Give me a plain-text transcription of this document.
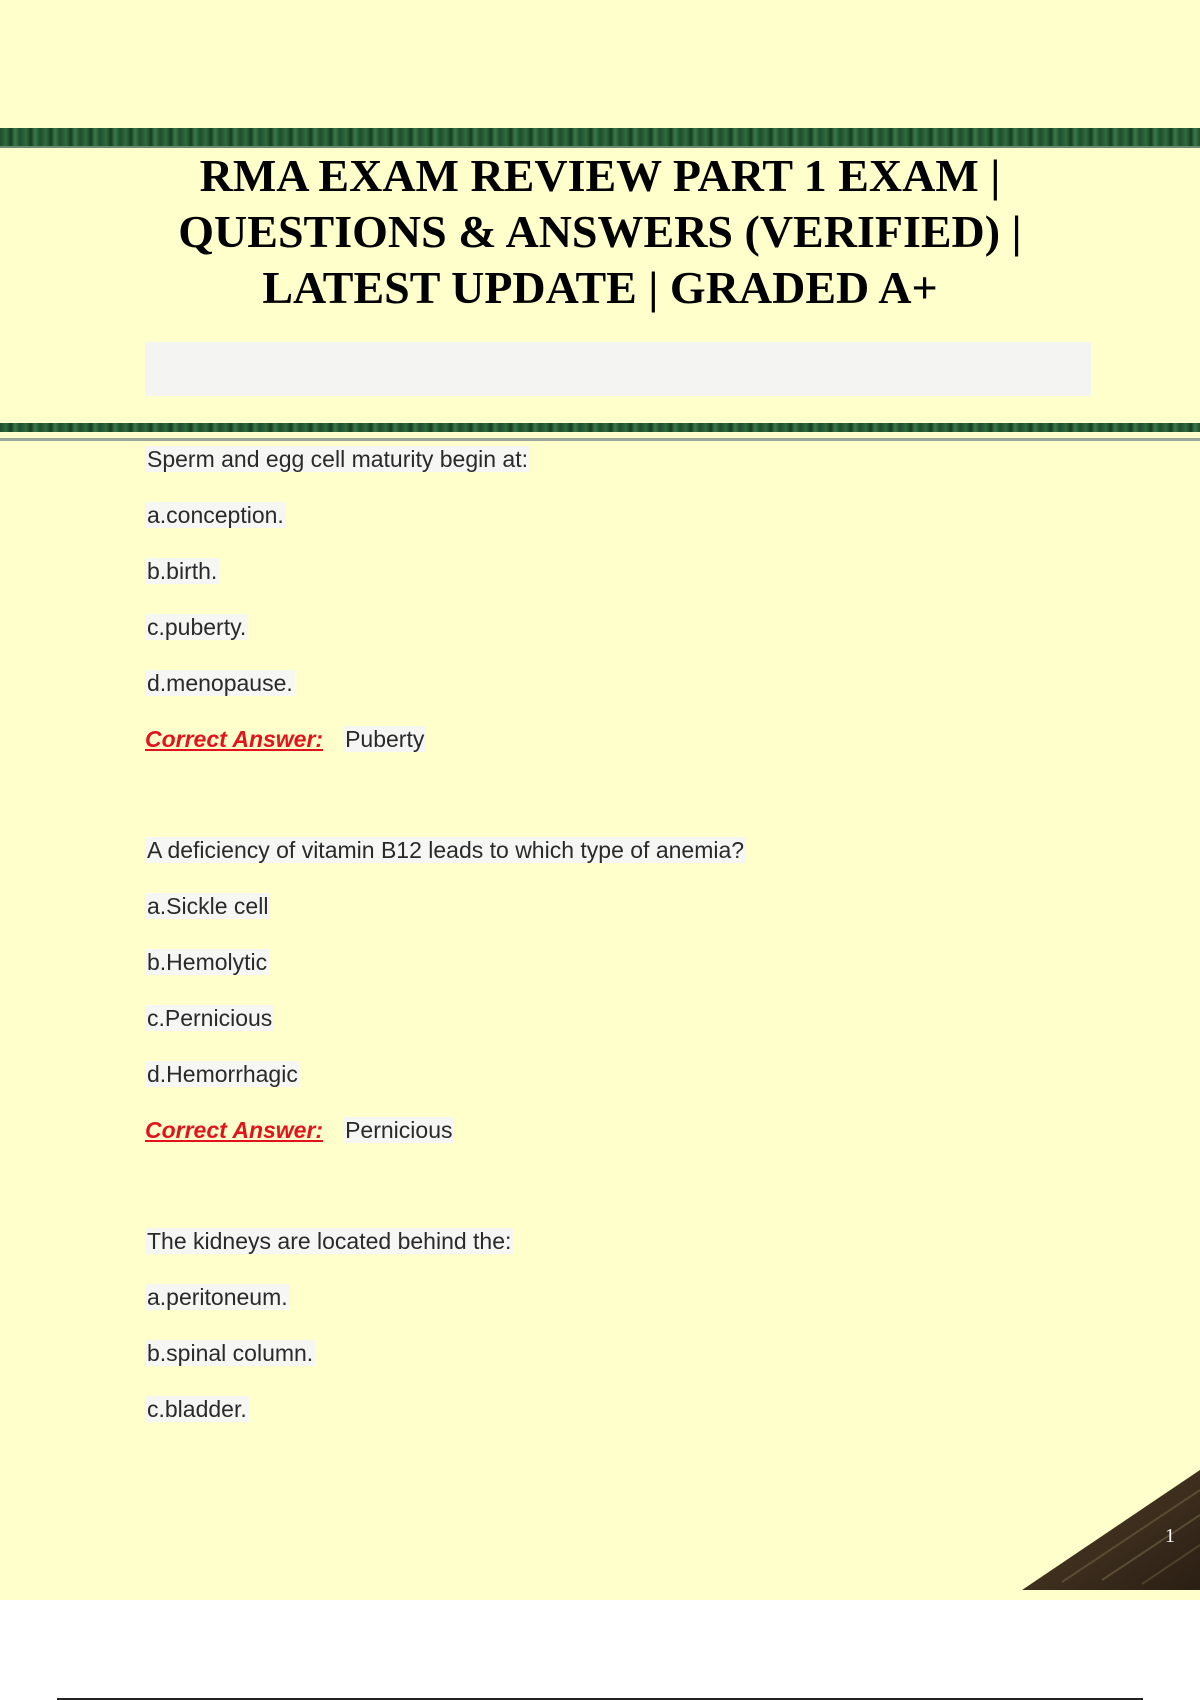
RMA EXAM REVIEW PART 1 EXAM |
QUESTIONS & ANSWERS (VERIFIED) |
LATEST UPDATE | GRADED A+
Sperm and egg cell maturity begin at:
a.conception.
b.birth.
c.puberty.
d.menopause.
Correct Answer: Puberty
A deficiency of vitamin B12 leads to which type of anemia?
a.Sickle cell
b.Hemolytic
c.Pernicious
d.Hemorrhagic
Correct Answer: Pernicious
The kidneys are located behind the:
a.peritoneum.
b.spinal column.
c.bladder.
1
